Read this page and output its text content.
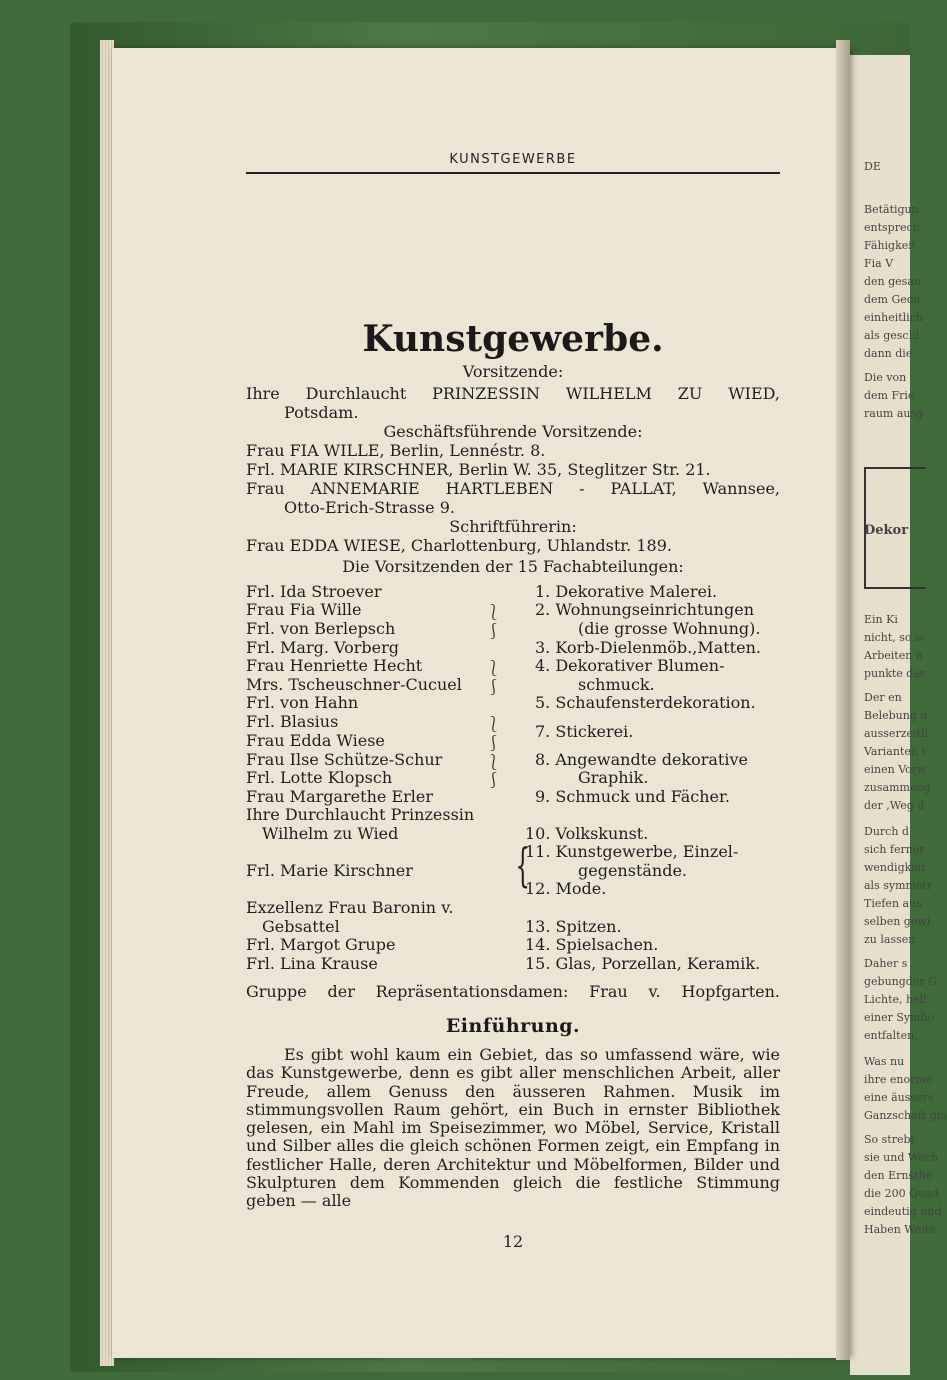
DE
Betätigun
entsprech
Fähigkeit
Fia V
den gesan
dem Geda
einheitlich
als geschl
dann die
Die von
dem Frie
raum ausg
Dekor
Ein Ki
nicht, so is
Arbeiten n
punkte dar
Der en
Belebung d
ausserzeitli
Varianten i
einen Vorw
zusammeng
der ,Weg d
Durch d
sich ferner
wendigkeit
als symmetr
Tiefen aus
selben gewi
zu lassen.
Daher s
gebungder G
Lichte, hell
einer Symbo
entfalten.
Was nu
ihre enorme
eine äussere
Ganzschaft gla
So strebt
sie und Wech
den Ernsthe
die 200 Quad
eindeutig und
Haben Weite
KUNSTGEWERBE
Kunstgewerbe.
Vorsitzende:
Ihre Durchlaucht PRINZESSIN WILHELM ZU WIED,
Potsdam.
Geschäftsführende Vorsitzende:
Frau FIA WILLE, Berlin, Lennéstr. 8.
Frl. MARIE KIRSCHNER, Berlin W. 35, Steglitzer Str. 21.
Frau ANNEMARIE HARTLEBEN - PALLAT, Wannsee,
Otto-Erich-Strasse 9.
Schriftführerin:
Frau EDDA WIESE, Charlottenburg, Uhlandstr. 189.
Die Vorsitzenden der 15 Fachabteilungen:
Frl. Ida Stroever
Frau Fia Wille
Frl. von Berlepsch
Frl. Marg. Vorberg
Frau Henriette Hecht
Mrs. Tscheuschner-Cucuel
Frl. von Hahn
Frl. Blasius
Frau Edda Wiese
Frau Ilse Schütze-Schur
Frl. Lotte Klopsch
Frau Margarethe Erler
Ihre Durchlaucht Prinzessin
Wilhelm zu Wied
Frl. Marie Kirschner
Exzellenz Frau Baronin v.
Gebsattel
Frl. Margot Grupe
Frl. Lina Krause
⎱
⎰
⎱
⎰
⎱
⎰
⎱
⎰
{
1. Dekorative Malerei.
2. Wohnungseinrichtungen
(die grosse Wohnung).
3. Korb-Dielenmöb.,Matten.
4. Dekorativer Blumen-
schmuck.
5. Schaufensterdekoration.
7. Stickerei.
8. Angewandte dekorative
Graphik.
9. Schmuck und Fächer.
10. Volkskunst.
11. Kunstgewerbe, Einzel-
gegenstände.
12. Mode.
13. Spitzen.
14. Spielsachen.
15. Glas, Porzellan, Keramik.
Gruppe der Repräsentationsdamen: Frau v. Hopfgarten.
Einführung.
Es gibt wohl kaum ein Gebiet, das so umfassend wäre, wie das Kunstgewerbe, denn es gibt aller menschlichen Arbeit, aller Freude, allem Genuss den äusseren Rahmen. Musik im stimmungsvollen Raum gehört, ein Buch in ernster Bibliothek gelesen, ein Mahl im Speisezimmer, wo Möbel, Service, Kristall und Silber alles die gleich schönen Formen zeigt, ein Empfang in festlicher Halle, deren Architektur und Möbelformen, Bilder und Skulpturen dem Kommenden gleich die festliche Stimmung geben — alle
12
